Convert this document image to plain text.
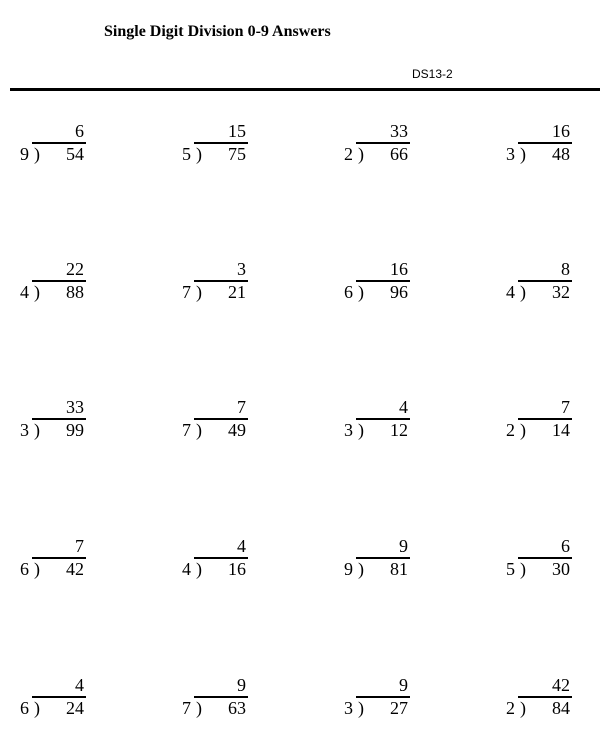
Single Digit Division 0-9 Answers
DS13-2
6
9 ) 54
15
5 ) 75
33
2 ) 66
16
3 ) 48
22
4 ) 88
3
7 ) 21
16
6 ) 96
8
4 ) 32
33
3 ) 99
7
7 ) 49
4
3 ) 12
7
2 ) 14
7
6 ) 42
4
4 ) 16
9
9 ) 81
6
5 ) 30
4
6 ) 24
9
7 ) 63
9
3 ) 27
42
2 ) 84
